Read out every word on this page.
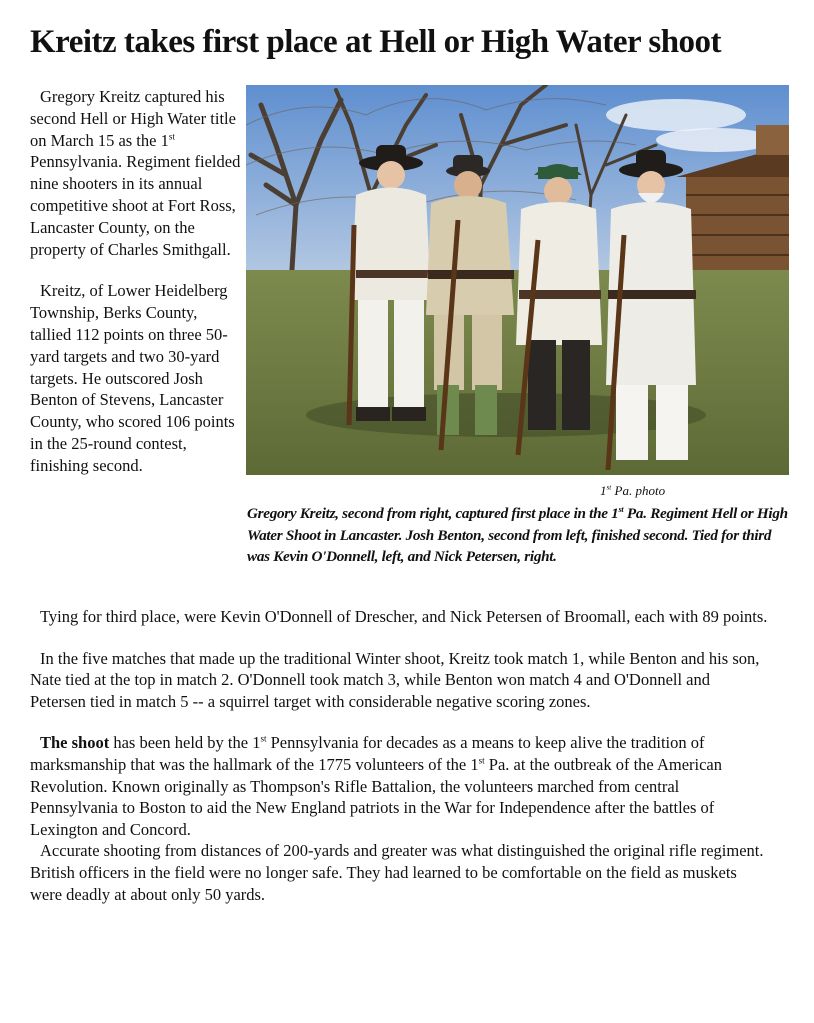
Kreitz takes first place at Hell or High Water shoot

Gregory Kreitz captured his second Hell or High Water title on March 15 as the 1st Pennsylvania. Regiment fielded nine shooters in its annual competitive shoot at Fort Ross, Lancaster County, on the property of Charles Smithgall.

Kreitz, of Lower Heidelberg Township, Berks County, tallied 112 points on three 50-yard targets and two 30-yard targets. He outscored Josh Benton of Stevens, Lancaster County, who scored 106 points in the 25-round contest, finishing second.

1st Pa. photo
Gregory Kreitz, second from right, captured first place in the 1st Pa. Regiment Hell or High Water Shoot in Lancaster. Josh Benton, second from left, finished second. Tied for third was Kevin O'Donnell, left, and Nick Petersen, right.

Tying for third place, were Kevin O'Donnell of Drescher, and Nick Petersen of Broomall, each with 89 points.

In the five matches that made up the traditional Winter shoot, Kreitz took match 1, while Benton and his son, Nate tied at the top in match 2. O'Donnell took match 3, while Benton won match 4 and O'Donnell and Petersen tied in match 5 -- a squirrel target with considerable negative scoring zones.

The shoot has been held by the 1st Pennsylvania for decades as a means to keep alive the tradition of marksmanship that was the hallmark of the 1775 volunteers of the 1st Pa. at the outbreak of the American Revolution. Known originally as Thompson's Rifle Battalion, the volunteers marched from central Pennsylvania to Boston to aid the New England patriots in the War for Independence after the battles of Lexington and Concord.

Accurate shooting from distances of 200-yards and greater was what distinguished the original rifle regiment. British officers in the field were no longer safe. They had learned to be comfortable on the field as muskets were deadly at about only 50 yards.
